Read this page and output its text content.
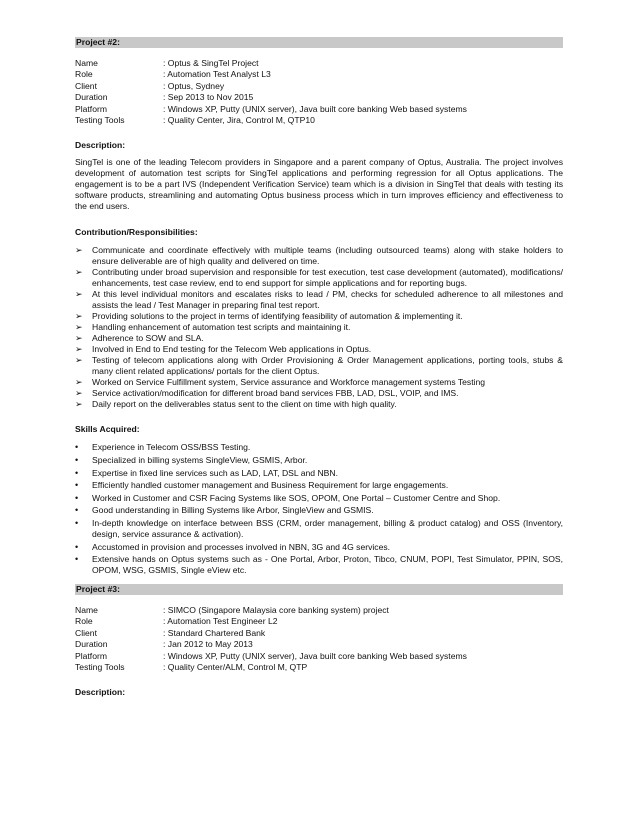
Project #2:
Name	: Optus & SingTel Project
Role	: Automation Test Analyst L3
Client	: Optus, Sydney
Duration	: Sep 2013 to Nov 2015
Platform	: Windows XP, Putty (UNIX server), Java built core banking Web based systems
Testing Tools	: Quality Center, Jira, Control M, QTP10
Description:
SingTel is one of the leading Telecom providers in Singapore and a parent company of Optus, Australia. The project involves development of automation test scripts for SingTel applications and performing regression for all Optus applications. The engagement is to be a part IVS (Independent Verification Service) team which is a division in SingTel that deals with testing its software products, streamlining and automating Optus business process which in turn improves efficiency and effectiveness to the end users.
Contribution/Responsibilities:
➢	Communicate and coordinate effectively with multiple teams (including outsourced teams) along with stake holders to ensure deliverable are of high quality and delivered on time.
➢	Contributing under broad supervision and responsible for test execution, test case development (automated), modifications/ enhancements, test case review, end to end support for simple applications and for reporting bugs.
➢	At this level individual monitors and escalates risks to lead / PM, checks for scheduled adherence to all milestones and assists the lead / Test Manager in preparing final test report.
➢	Providing solutions to the project in terms of identifying feasibility of automation & implementing it.
➢	Handling enhancement of automation test scripts and maintaining it.
➢	Adherence to SOW and SLA.
➢	Involved in End to End testing for the Telecom Web applications in Optus.
➢	Testing of telecom applications along with Order Provisioning & Order Management applications, porting tools, stubs & many client related applications/ portals for the client Optus.
➢	Worked on Service Fulfillment system, Service assurance and Workforce management systems Testing
➢	Service activation/modification for different broad band services FBB, LAD, DSL, VOIP, and IMS.
➢	Daily report on the deliverables status sent to the client on time with high quality.
Skills Acquired:
•	Experience in Telecom OSS/BSS Testing.
•	Specialized in billing systems SingleView, GSMIS, Arbor.
•	Expertise in fixed line services such as LAD, LAT, DSL and NBN.
•	Efficiently handled customer management and Business Requirement for large engagements.
•	Worked in Customer and CSR Facing Systems like SOS, OPOM, One Portal – Customer Centre and Shop.
•	Good understanding in Billing Systems like Arbor, SingleView and GSMIS.
•	In-depth knowledge on interface between BSS (CRM, order management, billing & product catalog) and OSS (Inventory, design, service assurance & activation).
•	Accustomed in provision and processes involved in NBN, 3G and 4G services.
•	Extensive hands on Optus systems such as - One Portal, Arbor, Proton, Tibco, CNUM, POPI, Test Simulator, PPIN, SOS, OPOM, WSG, GSMIS, Single eView etc.
Project #3:
Name	: SIMCO (Singapore Malaysia core banking system) project
Role	: Automation Test Engineer L2
Client	: Standard Chartered Bank
Duration	: Jan 2012 to May 2013
Platform	: Windows XP, Putty (UNIX server), Java built core banking Web based systems
Testing Tools	: Quality Center/ALM, Control M, QTP
Description:
